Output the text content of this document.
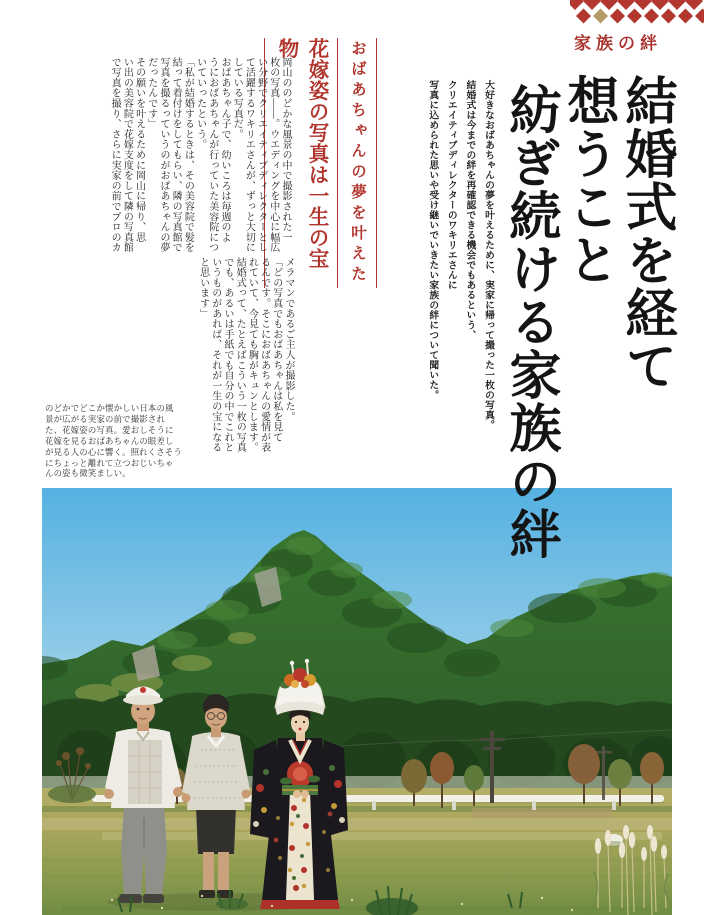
家族の絆

結婚式を経て

想うこと

紡ぎ続ける家族の絆

大好きなおばあちゃんの夢を叶えるために、実家に帰って撮った一枚の写真。

結婚式は今までの絆を再確認できる機会でもあるという、

クリエイティブディレクターのワキリエさんに

写真に込められた思いや受け継いでいきたい家族の絆について聞いた。

おばあちゃんの夢を叶えた

花嫁姿の写真は一生の宝物

岡山ののどかな風景の中で撮影された一

枚の写真——。ウエディングを中心に幅広

い分野でクリエイティブディレクターとし

て活躍するワキリエさんが、ずっと大切に

している写真だ。

おばあちゃん子で、幼いころは毎週のよ

うにおばあちゃんが行っていた美容院につ

いていったという。

「私が結婚するときは、その美容院で髪を

結って着付けをしてもらい、隣の写真館で

写真を撮るっていうのがおばあちゃんの夢

だったんです」

その願いを叶えるために岡山に帰り、思

い出の美容院で花嫁支度をして隣の写真館

で写真を撮り、さらに実家の前でプロのカ

メラマンであるご主人が撮影した。

「どの写真でもおばあちゃんは私を見て

るんです。そこにおばあちゃんの愛情が表

れていて、今見ても胸がキュンとします。

結婚式って、たとえばこういう一枚の写真

でも、あるいは手紙でも自分の中でこれと

いうものがあれば、それが一生の宝になる

と思います」

のどかでどこか懐かしい日本の風
景が広がる実家の前で撮影され
た、花嫁姿の写真。愛おしそうに
花嫁を見るおばあちゃんの眼差し
が見る人の心に響く。照れくさそう
にちょっと離れて立つおじいちゃ
んの姿も微笑ましい。
